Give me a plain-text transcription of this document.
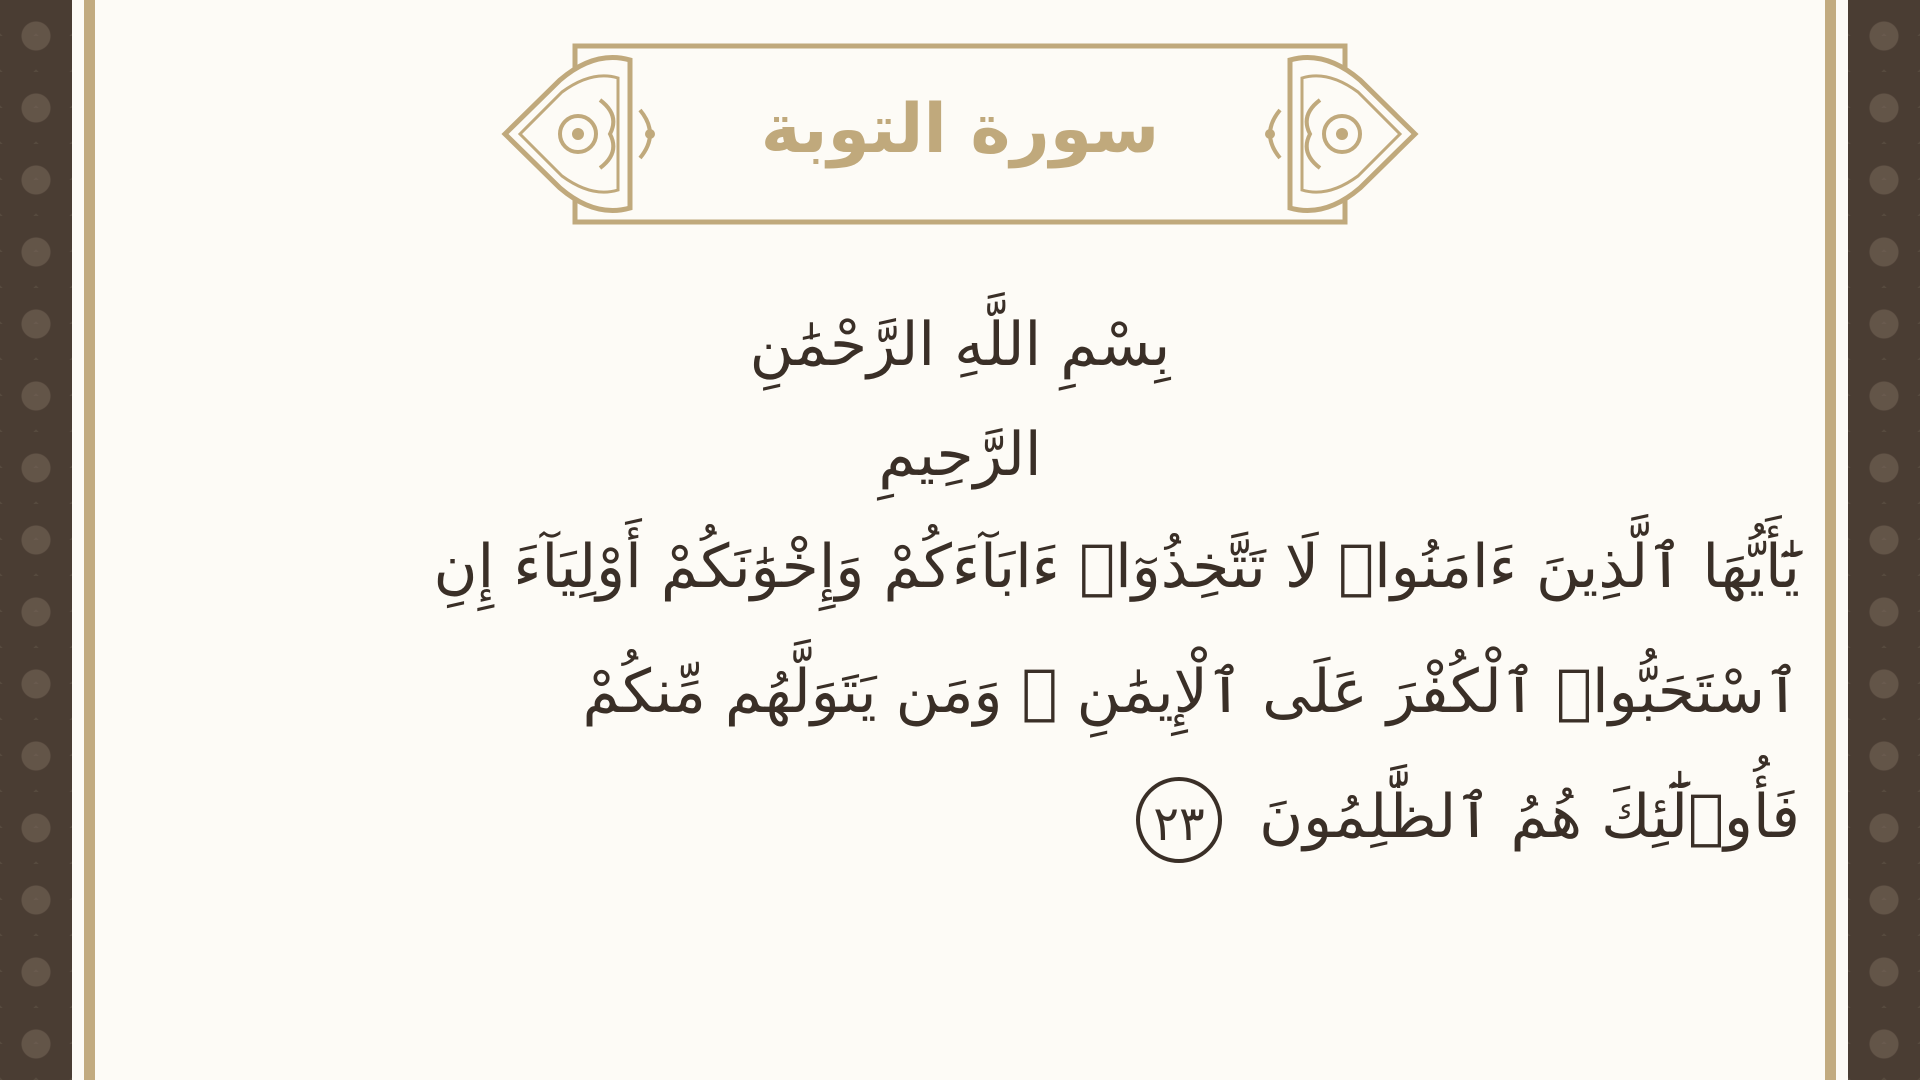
سورة التوبة
بِسْمِ اللَّهِ الرَّحْمَٰنِ الرَّحِيمِ
يَٰٓأَيُّهَا ٱلَّذِينَ ءَامَنُوا۟ لَا تَتَّخِذُوٓا۟ ءَابَآءَكُمْ وَإِخْوَٰنَكُمْ أَوْلِيَآءَ إِنِ ٱسْتَحَبُّوا۟ ٱلْكُفْرَ عَلَى ٱلْإِيمَٰنِ ۚ وَمَن يَتَوَلَّهُم مِّنكُمْ فَأُو۟لَٰٓئِكَ هُمُ ٱلظَّٰلِمُونَ ٢٣
